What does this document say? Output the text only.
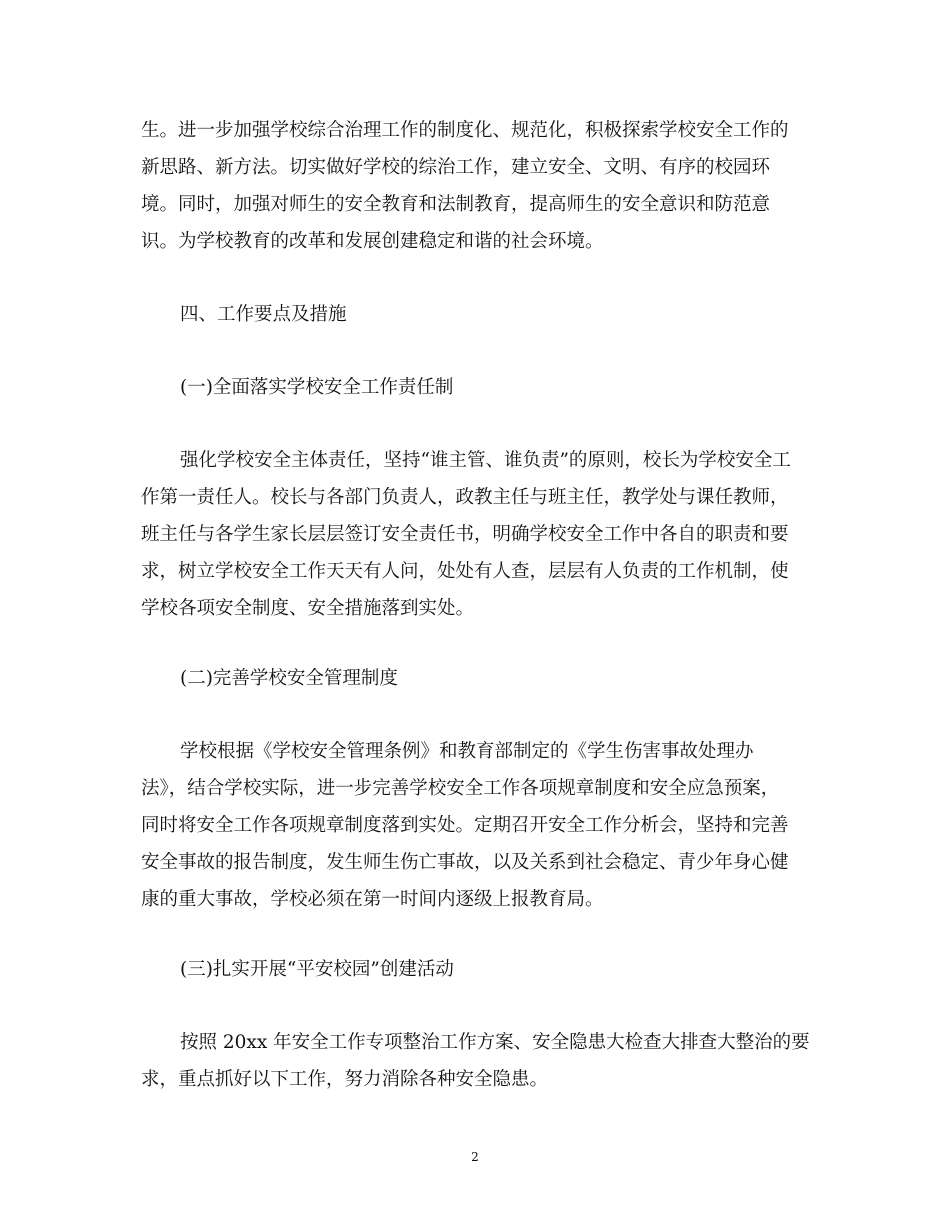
生。进一步加强学校综合治理工作的制度化、规范化，积极探索学校安全工作的
新思路、新方法。切实做好学校的综治工作，建立安全、文明、有序的校园环
境。同时，加强对师生的安全教育和法制教育，提高师生的安全意识和防范意
识。为学校教育的改革和发展创建稳定和谐的社会环境。
四、工作要点及措施
(一)全面落实学校安全工作责任制
强化学校安全主体责任，坚持“谁主管、谁负责”的原则，校长为学校安全工
作第一责任人。校长与各部门负责人，政教主任与班主任，教学处与课任教师，
班主任与各学生家长层层签订安全责任书，明确学校安全工作中各自的职责和要
求，树立学校安全工作天天有人问，处处有人查，层层有人负责的工作机制，使
学校各项安全制度、安全措施落到实处。
(二)完善学校安全管理制度
学校根据《学校安全管理条例》和教育部制定的《学生伤害事故处理办
法》，结合学校实际，进一步完善学校安全工作各项规章制度和安全应急预案，
同时将安全工作各项规章制度落到实处。定期召开安全工作分析会，坚持和完善
安全事故的报告制度，发生师生伤亡事故，以及关系到社会稳定、青少年身心健
康的重大事故，学校必须在第一时间内逐级上报教育局。
(三)扎实开展“平安校园”创建活动
按照 20xx 年安全工作专项整治工作方案、安全隐患大检查大排查大整治的要
求，重点抓好以下工作，努力消除各种安全隐患。
2
